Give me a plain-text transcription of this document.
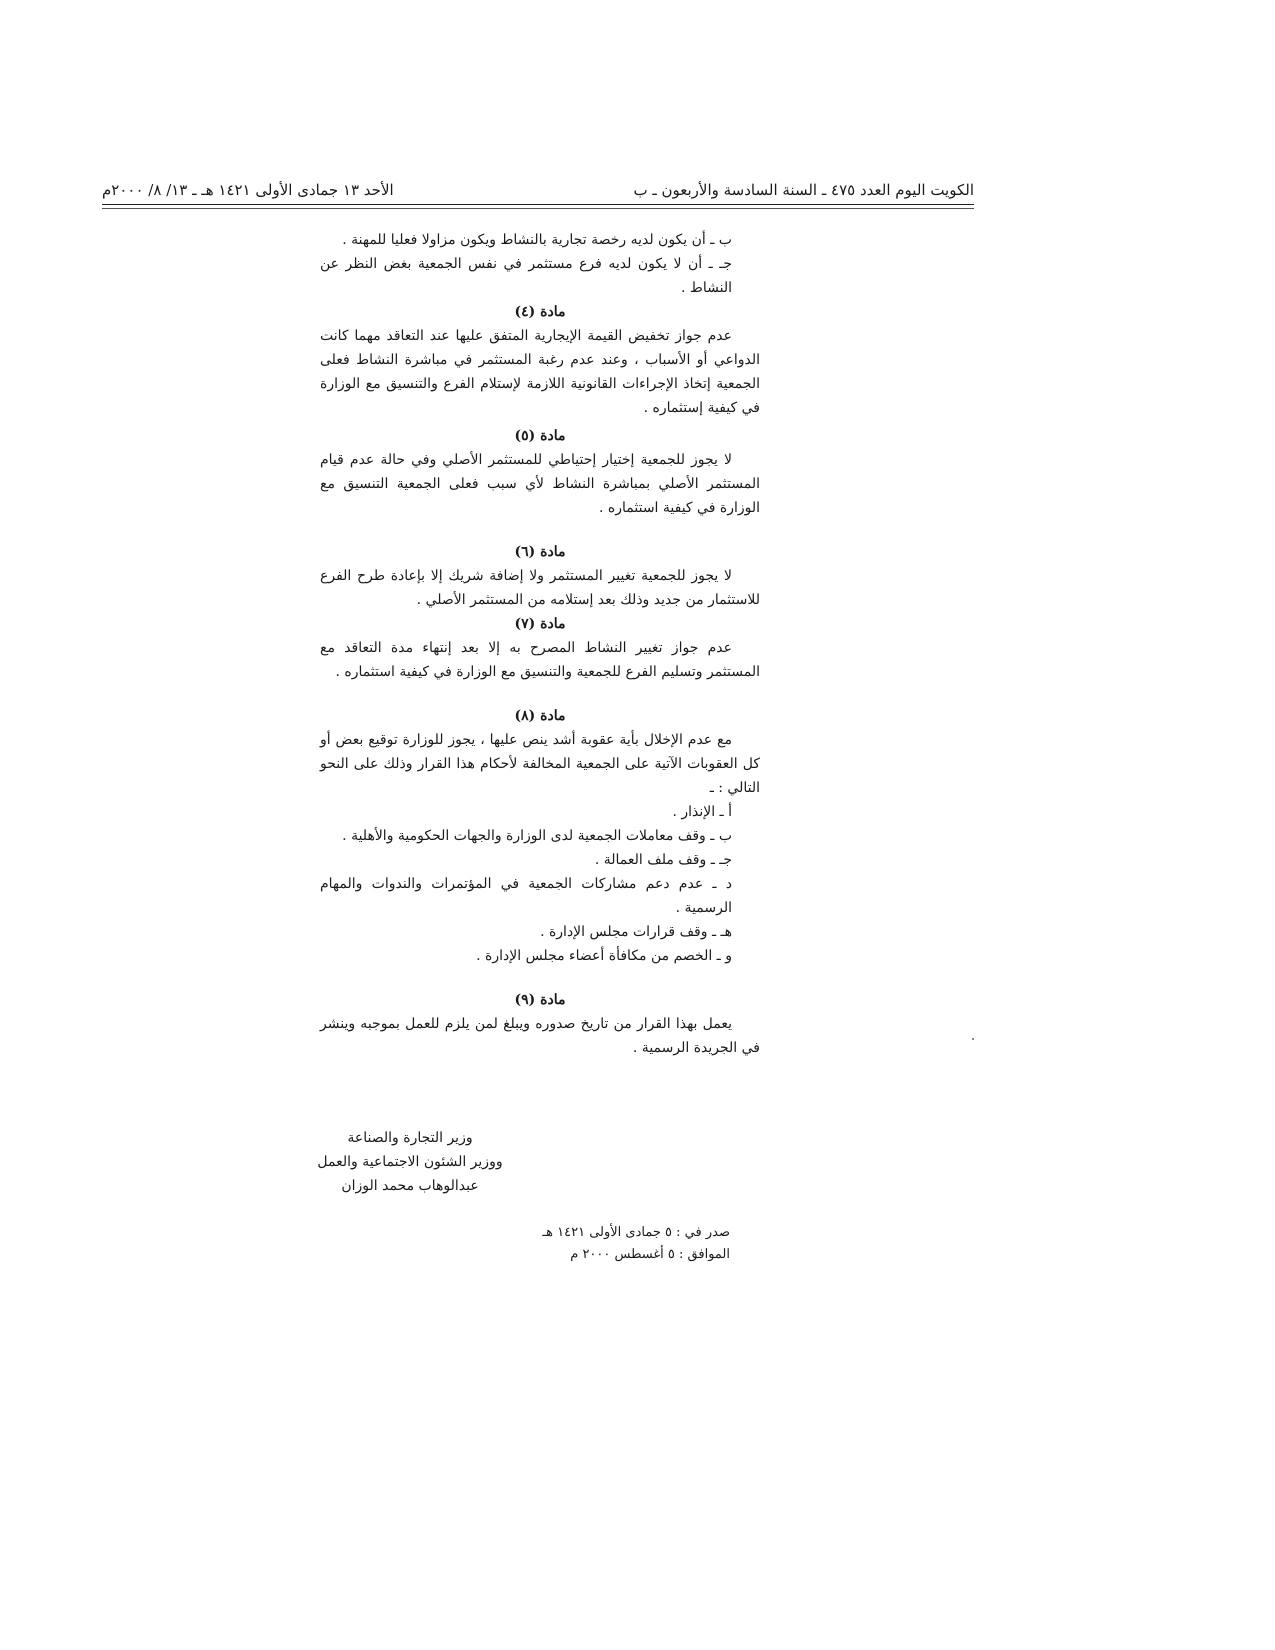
الكويت اليوم العدد ٤٧٥ ـ السنة السادسة والأربعون ـ ب
الأحد ١٣ جمادى الأولى ١٤٢١ هـ ـ ١٣/ ٨/ ٢٠٠٠م

ب ـ أن يكون لديه رخصة تجارية بالنشاط ويكون مزاولا فعليا للمهنة .

جـ ـ أن لا يكون لديه فرع مستثمر في نفس الجمعية بغض النظر عن النشاط .

مادة (٤)

عدم جواز تخفيض القيمة الإيجارية المتفق عليها عند التعاقد مهما كانت الدواعي أو الأسباب ، وعند عدم رغبة المستثمر في مباشرة النشاط فعلى الجمعية إتخاذ الإجراءات القانونية اللازمة لإستلام الفرع والتنسيق مع الوزارة في كيفية إستثماره .

مادة (٥)

لا يجوز للجمعية إختيار إحتياطي للمستثمر الأصلي وفي حالة عدم قيام المستثمر الأصلي بمباشرة النشاط لأي سبب فعلى الجمعية التنسيق مع الوزارة في كيفية استثماره .

مادة (٦)

لا يجوز للجمعية تغيير المستثمر ولا إضافة شريك إلا بإعادة طرح الفرع للاستثمار من جديد وذلك بعد إستلامه من المستثمر الأصلي .

مادة (٧)

عدم جواز تغيير النشاط المصرح به إلا بعد إنتهاء مدة التعاقد مع المستثمر وتسليم الفرع للجمعية والتنسيق مع الوزارة في كيفية استثماره .

مادة (٨)

مع عدم الإخلال بأية عقوبة أشد ينص عليها ، يجوز للوزارة توقيع بعض أو كل العقوبات الآتية على الجمعية المخالفة لأحكام هذا القرار وذلك على النحو التالي : ـ

أ ـ الإنذار .

ب ـ وقف معاملات الجمعية لدى الوزارة والجهات الحكومية والأهلية .

جـ ـ وقف ملف العمالة .

د ـ عدم دعم مشاركات الجمعية في المؤتمرات والندوات والمهام الرسمية .

هـ ـ وقف قرارات مجلس الإدارة .

و ـ الخصم من مكافأة أعضاء مجلس الإدارة .

مادة (٩)

يعمل بهذا القرار من تاريخ صدوره ويبلغ لمن يلزم للعمل بموجبه وينشر في الجريدة الرسمية .

وزير التجارة والصناعة
ووزير الشئون الاجتماعية والعمل
عبدالوهاب محمد الوزان
صدر في : ٥ جمادى الأولى ١٤٢١ هـ
الموافق : ٥ أغسطس ٢٠٠٠ م
